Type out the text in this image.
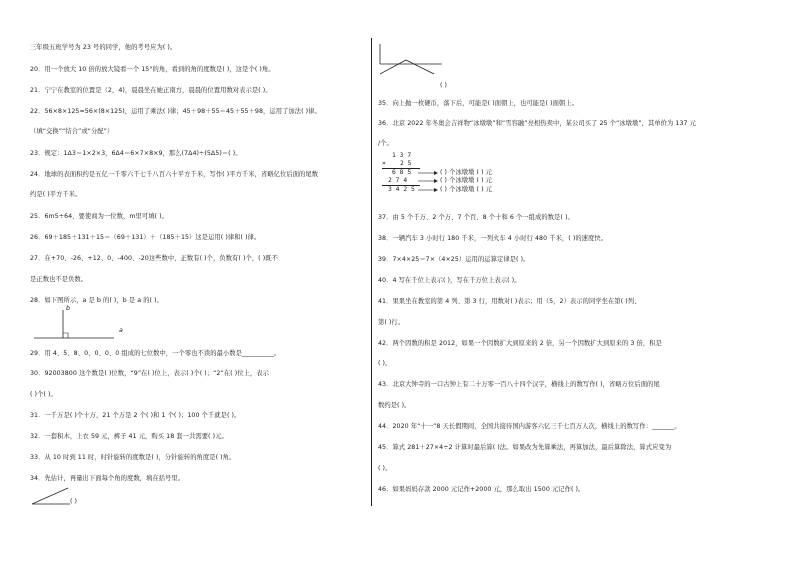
三年级五班学号为 23 号的同学，他的考号应为( )。
20．用一个放大 10 倍的放大镜看一个 15°的角，看到的角的度数是( )，这是个( )角。
21．宁宁在教室的位置是（2，4)，晨晨坐在她正南方，晨晨的位置用数对表示是( )。
22．56×8×125=56×(8×125)，运用了乘法( )律；45＋98＋55＝45＋55＋98，运用了加法( )律。
（填“交换”“结合”或“分配”）
23．规定：1Δ3＝1×2×3，6Δ4＝6×7×8×9，那么(7Δ4)÷(5Δ5)＝( )。
24．地球的表面积约是五亿一千零六千七千八百六十平方千米，写作( )平方千米，省略亿位后面的尾数
约是( )平方千米。
25．6m5÷64，要使商为一位数，m里可填( )。
26．69＋185＋131＋15＝（69＋131）＋（185＋15）这是运用( )律和( )律。
27．在+70、-26、+12、0、-400、-20这些数中，正数有( )个，负数有( )个，( )既不
是正数也不是负数。
28．如下图所示，a 是 b 的( )，b 是 a 的( )。
b
a
29．用 4、5、8、0、0、0、0 组成的七位数中，一个零也不读的最小数是__________。
30．92003800 这个数是( )位数，“9”在( )位上，表示( )个( )；“2”在( )位上，表示
( )个( )。
31．一千万是( )个十万，21 个万是 2 个( )和 1 个( )；100 个千就是( )。
32．一套积木，上衣 59 元，裤子 41 元，购买 18 套一共需要( )元。
33．从 10 时到 11 时，时针旋转的度数是( )，分针旋转的角度是( )角。
34．先估计，再量出下面每个角的度数，填在括号里。
( )
( )
35．向上抛一枚硬币，落下后，可能是( )面朝上，也可能是( )面朝上。
36．北京 2022 年冬奥会吉祥物“冰墩墩”和“雪容融”亮相热卖中，某公司买了 25 个“冰墩墩”，其单价为 137 元
/个。
1 3 7
× 2 5
6 8 5
2 7 4
3 4 2 5
( ) 个冰墩墩 ( ) 元
( ) 个冰墩墩 ( ) 元
( ) 个冰墩墩 ( ) 元
37．由 5 个千万、2 个万、7 个百、8 个十和 6 个一组成的数是( )。
38．一辆汽车 3 小时行 180 千米，一列火车 4 小时行 480 千米，( )的速度快。
39．7×4×25＝7×（4×25）运用的运算定律是( )。
40．4 写在千位上表示( )，写在千万位上表示( )。
41．果果坐在教室的第 4 列、第 3 行，用数对( )表示；用（5，2）表示的同学坐在第( )列、
第( )行。
42．两个因数的积是 2012，如果一个因数扩大到原来的 2 倍，另一个因数扩大到原来的 3 倍，积是
( )。
43．北京大钟寺的一口古钟上有二十万零一百八十四个汉字，横线上的数写作( )，省略万位后面的尾
数约是( )。
44．2020 年“十一”8 天长假期间，全国共接待国内游客六亿三千七百万人次，横线上的数写作：_______。
45．算式 281＋27×4÷2 计算时最后算( )法。如果改为先算乘法，再算加法，最后算除法，算式应变为
( )。
46．如果妈妈存款 2000 元记作+2000 元，那么取出 1500 元记作( )。
